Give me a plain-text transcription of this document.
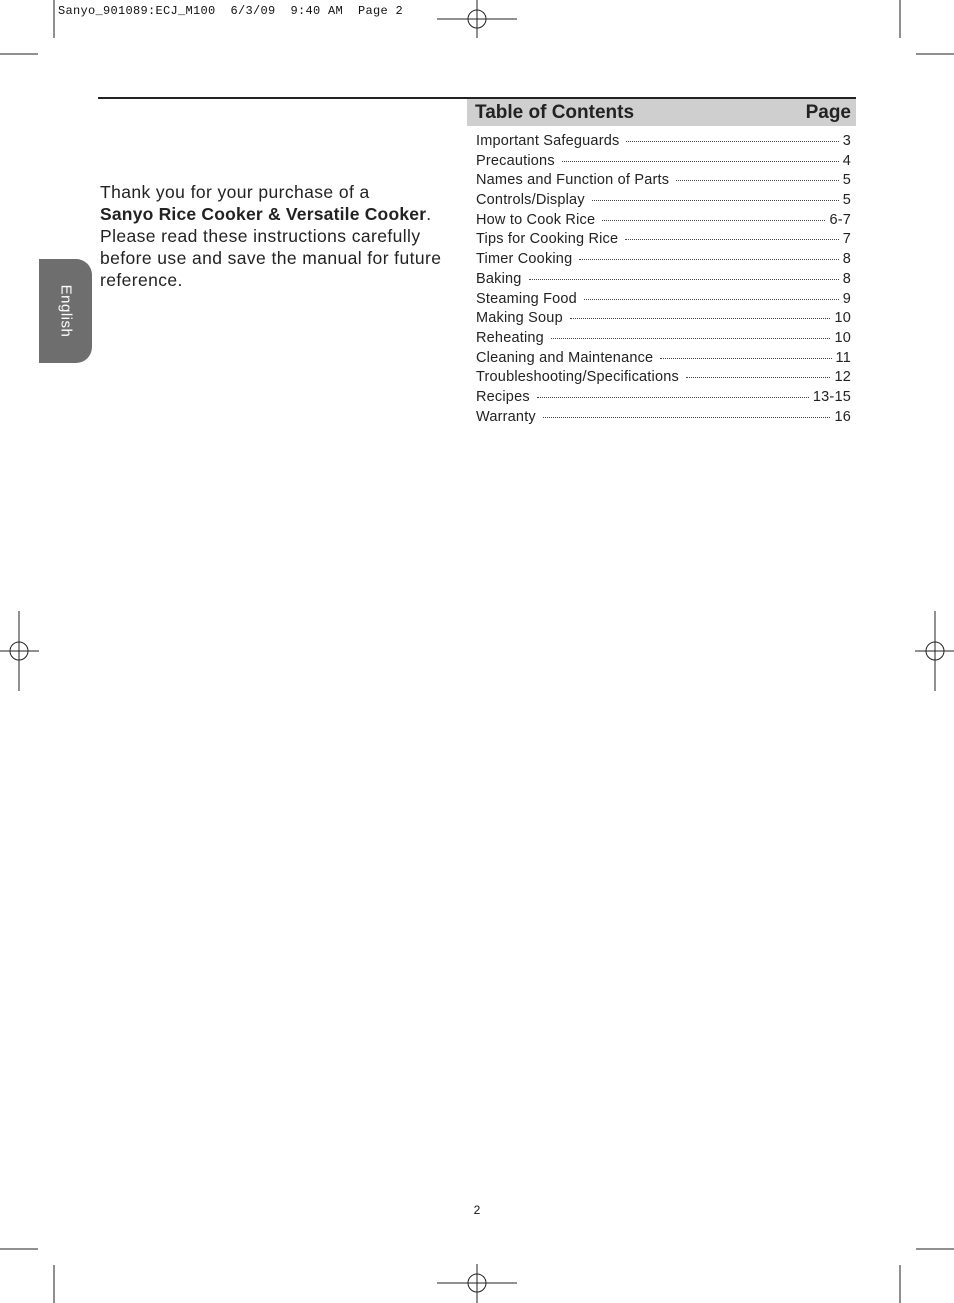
Sanyo_901089:ECJ_M100  6/3/09  9:40 AM  Page 2
English
Thank you for your purchase of a
Sanyo Rice Cooker & Versatile Cooker. Please read these instructions carefully before use and save the manual for future reference.
Table of Contents	Page
Important Safeguards	3
Precautions	4
Names and Function of Parts	5
Controls/Display	5
How to Cook Rice	6-7
Tips for Cooking Rice	7
Timer Cooking	8
Baking	8
Steaming Food	9
Making Soup	10
Reheating	10
Cleaning and Maintenance	11
Troubleshooting/Specifications	12
Recipes	13-15
Warranty	16
2
